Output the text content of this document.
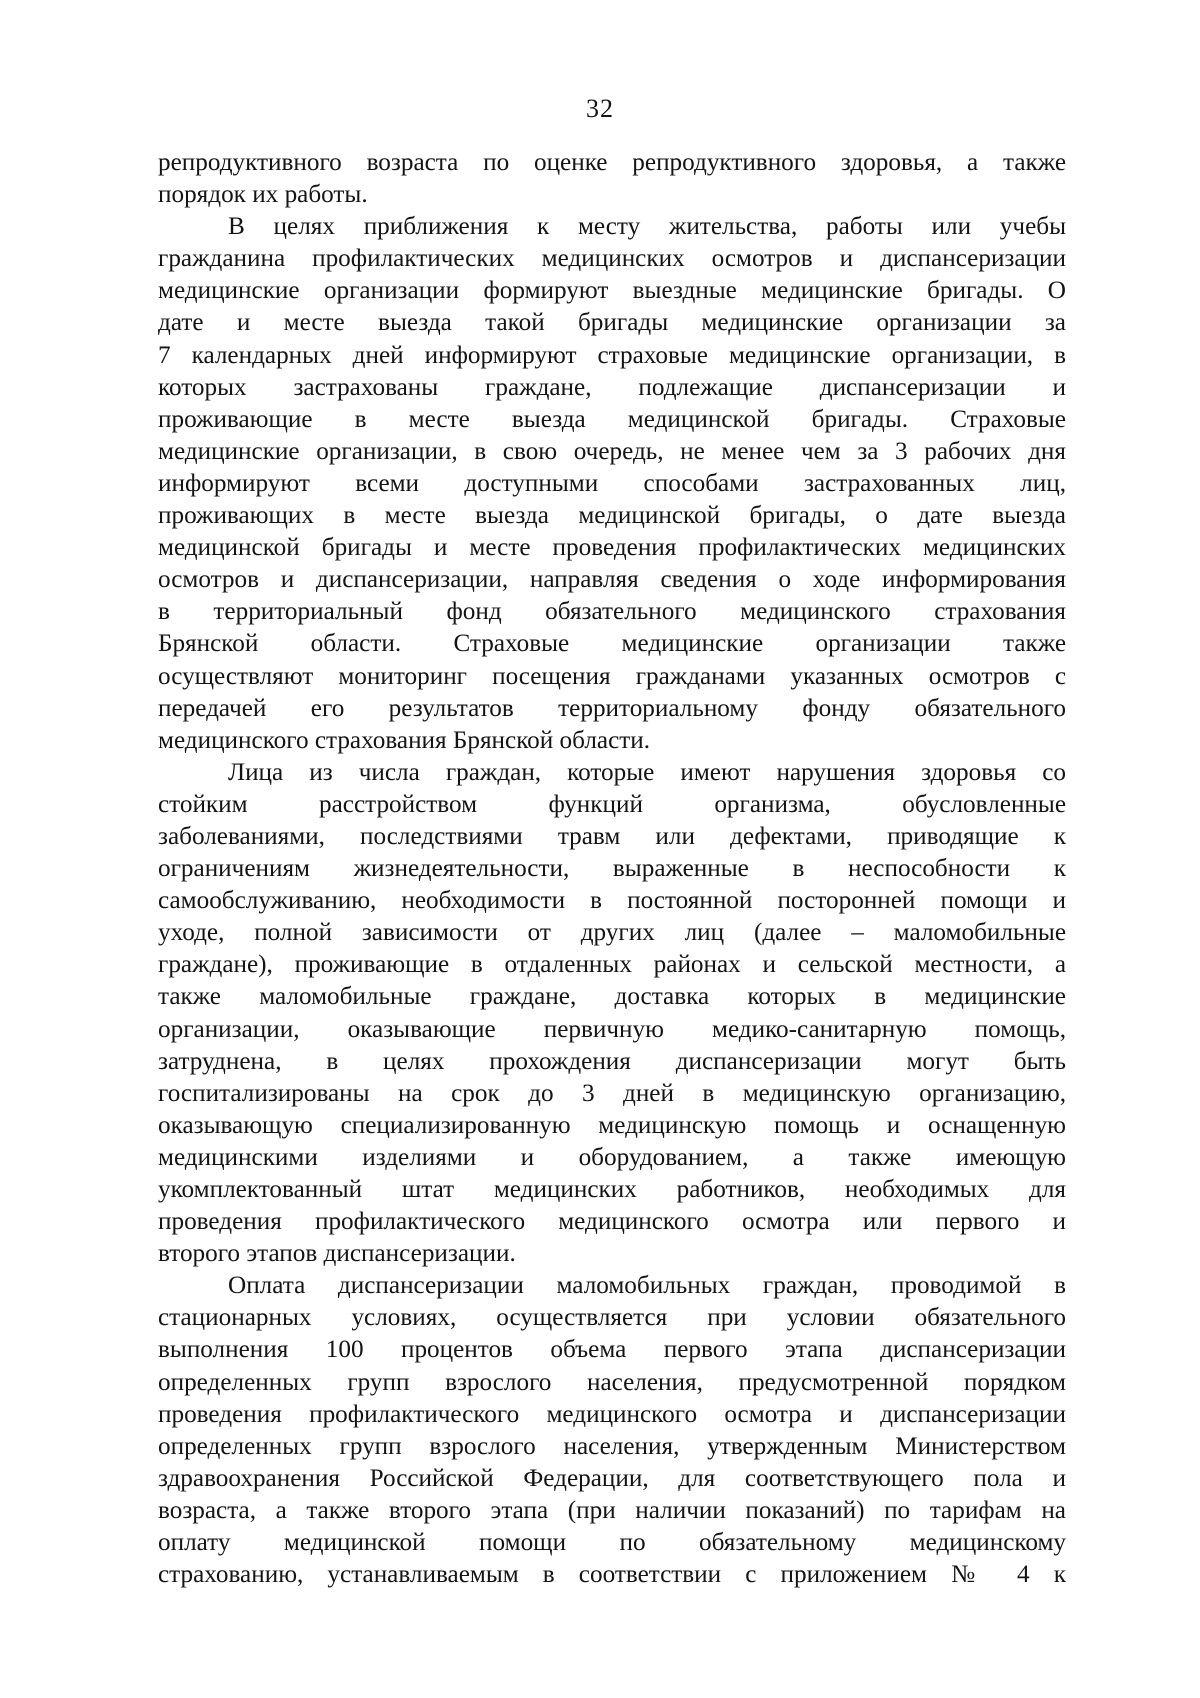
32
репродуктивного возраста по оценке репродуктивного здоровья, а также
порядок их работы.
В целях приближения к месту жительства, работы или учебы
гражданина профилактических медицинских осмотров и диспансеризации
медицинские организации формируют выездные медицинские бригады. О
дате и месте выезда такой бригады медицинские организации за
7 календарных дней информируют страховые медицинские организации, в
которых застрахованы граждане, подлежащие диспансеризации и
проживающие в месте выезда медицинской бригады. Страховые
медицинские организации, в свою очередь, не менее чем за 3 рабочих дня
информируют всеми доступными способами застрахованных лиц,
проживающих в месте выезда медицинской бригады, о дате выезда
медицинской бригады и месте проведения профилактических медицинских
осмотров и диспансеризации, направляя сведения о ходе информирования
в территориальный фонд обязательного медицинского страхования
Брянской области. Страховые медицинские организации также
осуществляют мониторинг посещения гражданами указанных осмотров с
передачей его результатов территориальному фонду обязательного
медицинского страхования Брянской области.
Лица из числа граждан, которые имеют нарушения здоровья со
стойким расстройством функций организма, обусловленные
заболеваниями, последствиями травм или дефектами, приводящие к
ограничениям жизнедеятельности, выраженные в неспособности к
самообслуживанию, необходимости в постоянной посторонней помощи и
уходе, полной зависимости от других лиц (далее – маломобильные
граждане), проживающие в отдаленных районах и сельской местности, а
также маломобильные граждане, доставка которых в медицинские
организации, оказывающие первичную медико-санитарную помощь,
затруднена, в целях прохождения диспансеризации могут быть
госпитализированы на срок до 3 дней в медицинскую организацию,
оказывающую специализированную медицинскую помощь и оснащенную
медицинскими изделиями и оборудованием, а также имеющую
укомплектованный штат медицинских работников, необходимых для
проведения профилактического медицинского осмотра или первого и
второго этапов диспансеризации.
Оплата диспансеризации маломобильных граждан, проводимой в
стационарных условиях, осуществляется при условии обязательного
выполнения 100 процентов объема первого этапа диспансеризации
определенных групп взрослого населения, предусмотренной порядком
проведения профилактического медицинского осмотра и диспансеризации
определенных групп взрослого населения, утвержденным Министерством
здравоохранения Российской Федерации, для соответствующего пола и
возраста, а также второго этапа (при наличии показаний) по тарифам на
оплату медицинской помощи по обязательному медицинскому
страхованию, устанавливаемым в соответствии с приложением № 4 к
